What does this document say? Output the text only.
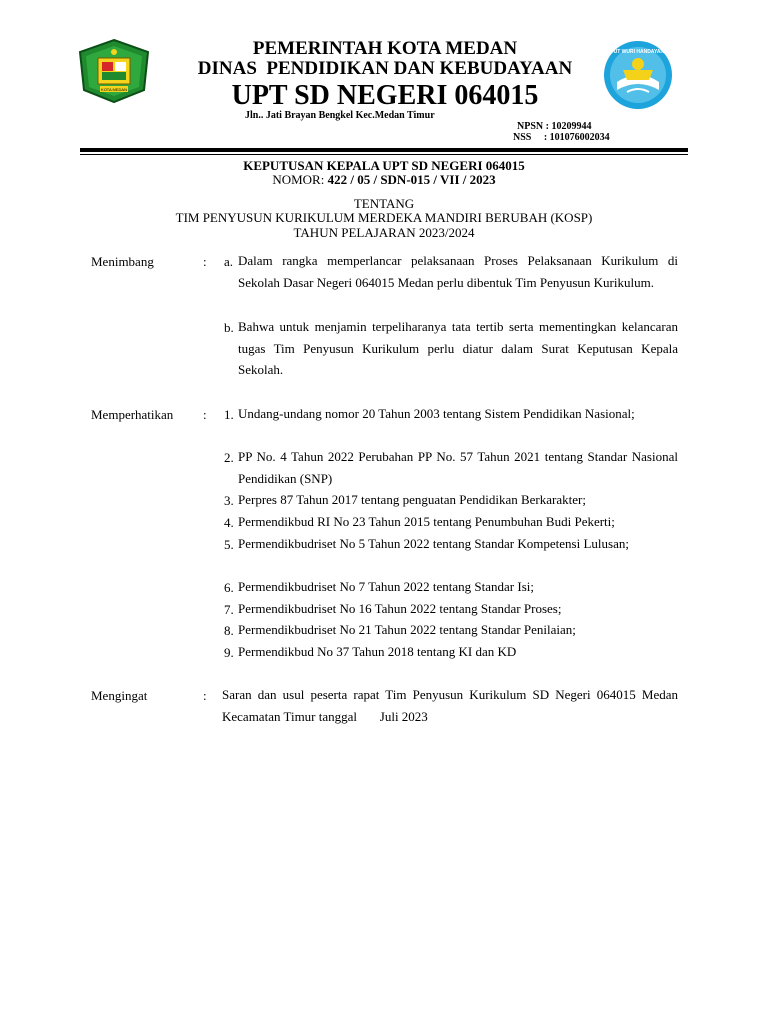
KOTA MEDAN
TUT WURI HANDAYANI
PEMERINTAH KOTA MEDAN
DINAS  PENDIDIKAN DAN KEBUDAYAAN
UPT SD NEGERI 064015
Jln.. Jati Brayan Bengkel Kec.Medan Timur
NPSN : 10209944
NSS     : 101076002034
KEPUTUSAN KEPALA UPT SD NEGERI 064015
NOMOR: 422 / 05 / SDN-015 / VII / 2023
TENTANG
TIM PENYUSUN KURIKULUM MERDEKA MANDIRI BERUBAH (KOSP)
TAHUN PELAJARAN 2023/2024
Menimbang	: a. Dalam rangka memperlancar pelaksanaan Proses Pelaksanaan Kurikulum di Sekolah Dasar Negeri 064015 Medan perlu dibentuk Tim Penyusun Kurikulum.
b. Bahwa untuk menjamin terpeliharanya tata tertib serta mementingkan kelancaran tugas Tim Penyusun Kurikulum perlu diatur dalam Surat Keputusan Kepala Sekolah.
Memperhatikan : 1. Undang-undang nomor 20 Tahun 2003 tentang Sistem Pendidikan Nasional;
2. PP No. 4 Tahun 2022 Perubahan PP No. 57 Tahun 2021 tentang Standar Nasional Pendidikan (SNP)
3. Perpres 87 Tahun 2017 tentang penguatan Pendidikan Berkarakter;
4. Permendikbud RI No 23 Tahun 2015 tentang Penumbuhan Budi Pekerti;
5. Permendikbudriset No 5 Tahun 2022 tentang Standar Kompetensi Lulusan;
6. Permendikbudriset No 7 Tahun 2022 tentang Standar Isi;
7. Permendikbudriset No 16 Tahun 2022 tentang Standar Proses;
8. Permendikbudriset No 21 Tahun 2022 tentang Standar Penilaian;
9. Permendikbud No 37 Tahun 2018 tentang KI dan KD
Mengingat	: Saran dan usul peserta rapat Tim Penyusun Kurikulum SD Negeri 064015 Medan Kecamatan Timur tanggal       Juli 2023
